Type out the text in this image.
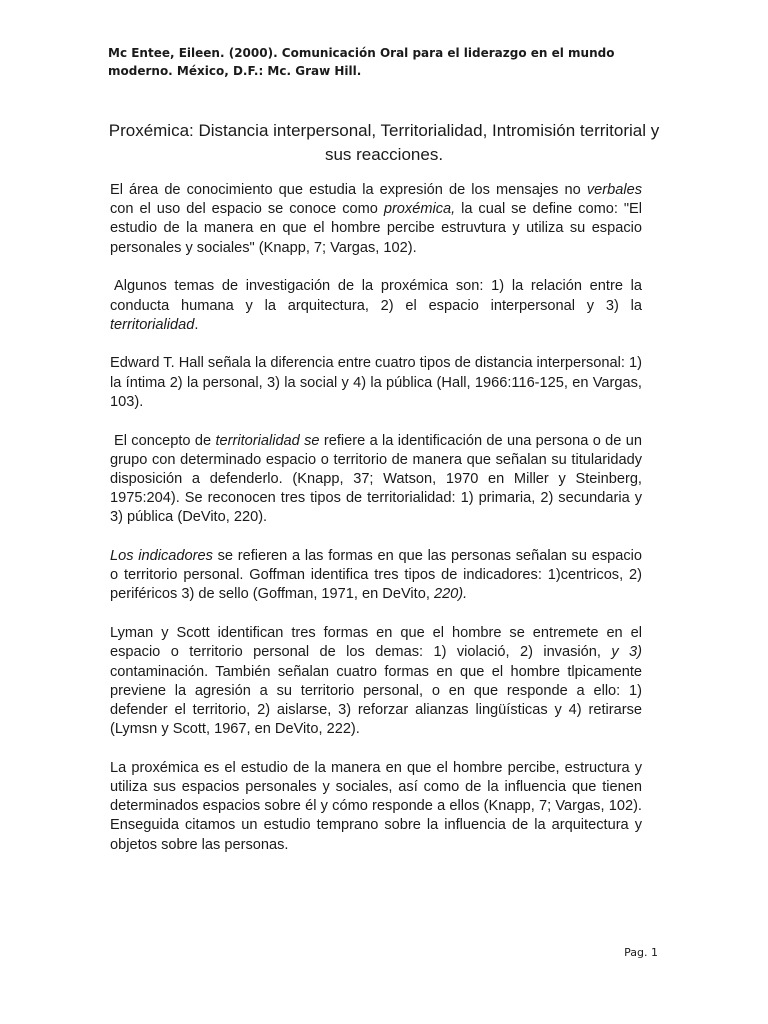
Mc Entee, Eileen. (2000). Comunicación Oral para el liderazgo en el mundo moderno. México, D.F.: Mc. Graw Hill.
Proxémica: Distancia interpersonal, Territorialidad, Intromisión territorial y sus reacciones.

El área de conocimiento que estudia la expresión de los mensajes no verbales con el uso del espacio se conoce como proxémica, la cual se define como: "El estudio de la manera en que el hombre percibe estruvtura y utiliza su espacio personales y sociales" (Knapp, 7; Vargas, 102).

Algunos temas de investigación de la proxémica son: 1) la relación entre la conducta humana y la arquitectura, 2) el espacio interpersonal y 3) la territorialidad.

Edward T. Hall señala la diferencia entre cuatro tipos de distancia interpersonal: 1) la íntima 2) la personal, 3) la social y 4) la pública (Hall, 1966:116-125, en Vargas, 103).

El concepto de territorialidad se refiere a la identificación de una persona o de un grupo con determinado espacio o territorio de manera que señalan su titularidady disposición a defenderlo. (Knapp, 37; Watson, 1970 en Miller y Steinberg, 1975:204). Se reconocen tres tipos de territorialidad: 1) primaria, 2) secundaria y 3) pública (DeVito, 220).

Los indicadores se refieren a las formas en que las personas señalan su espacio o territorio personal. Goffman identifica tres tipos de indicadores: 1)centricos, 2) periféricos 3) de sello (Goffman, 1971, en DeVito, 220).

Lyman y Scott identifican tres formas en que el hombre se entremete en el espacio o territorio personal de los demas: 1) violació, 2) invasión, y 3) contaminación. También señalan cuatro formas en que el hombre tlpicamente previene la agresión a su territorio personal, o en que responde a ello: 1) defender el territorio, 2) aislarse, 3) reforzar alianzas lingüísticas y 4) retirarse (Lymsn y Scott, 1967, en DeVito, 222).

La proxémica es el estudio de la manera en que el hombre percibe, estructura y utiliza sus espacios personales y sociales, así como de la influencia que tienen determinados espacios sobre él y cómo responde a ellos (Knapp, 7; Vargas, 102). Enseguida citamos un estudio temprano sobre la influencia de la arquitectura y objetos sobre las personas.

Pag. 1
